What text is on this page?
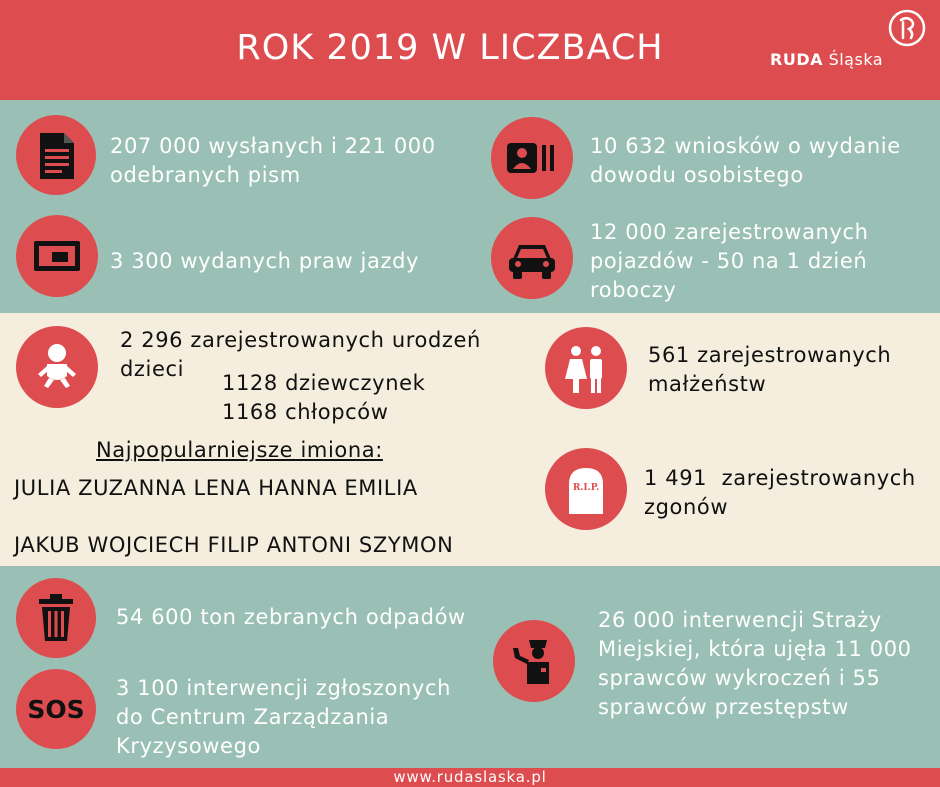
ROK 2019 W LICZBACH	RUDA Śląska
207 000 wysłanych i 221 000
odebranych pism
10 632 wniosków o wydanie
dowodu osobistego
3 300 wydanych praw jazdy
12 000 zarejestrowanych
pojazdów - 50 na 1 dzień
roboczy
2 296 zarejestrowanych urodzeń
dzieci
1128 dziewczynek
1168 chłopców
Najpopularniejsze imiona:
JULIA ZUZANNA LENA HANNA EMILIA
JAKUB WOJCIECH FILIP ANTONI SZYMON
561 zarejestrowanych
małżeństw
R.I.P. 1 491  zarejestrowanych
zgonów
54 600 ton zebranych odpadów
SOS
3 100 interwencji zgłoszonych
do Centrum Zarządzania
Kryzysowego
26 000 interwencji Straży
Miejskiej, która ujęła 11 000
sprawców wykroczeń i 55
sprawców przestępstw
www.rudaslaska.pl
